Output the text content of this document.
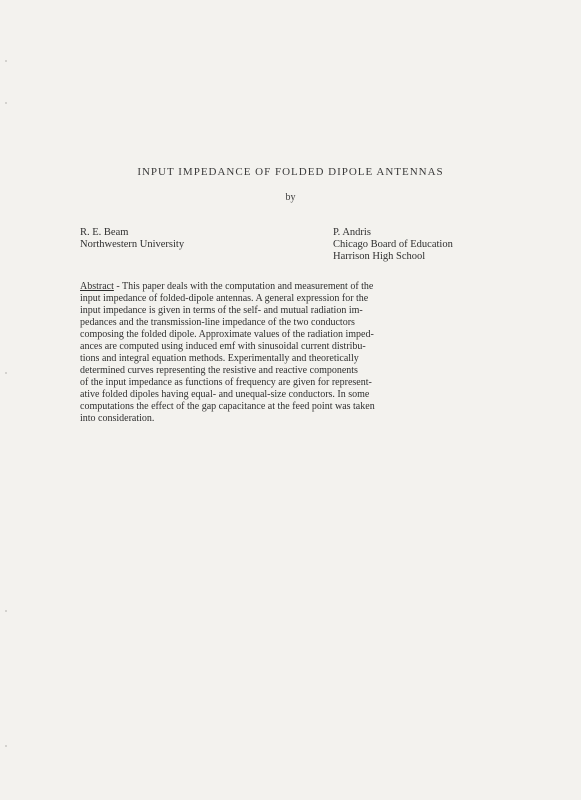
INPUT IMPEDANCE OF FOLDED DIPOLE ANTENNAS
by
R. E. Beam
Northwestern University
P. Andris
Chicago Board of Education
Harrison High School
Abstract - This paper deals with the computation and measurement of the
input impedance of folded-dipole antennas. A general expression for the
input impedance is given in terms of the self- and mutual radiation im-
pedances and the transmission-line impedance of the two conductors
composing the folded dipole. Approximate values of the radiation imped-
ances are computed using induced emf with sinusoidal current distribu-
tions and integral equation methods. Experimentally and theoretically
determined curves representing the resistive and reactive components
of the input impedance as functions of frequency are given for represent-
ative folded dipoles having equal- and unequal-size conductors. In some
computations the effect of the gap capacitance at the feed point was taken
into consideration.
